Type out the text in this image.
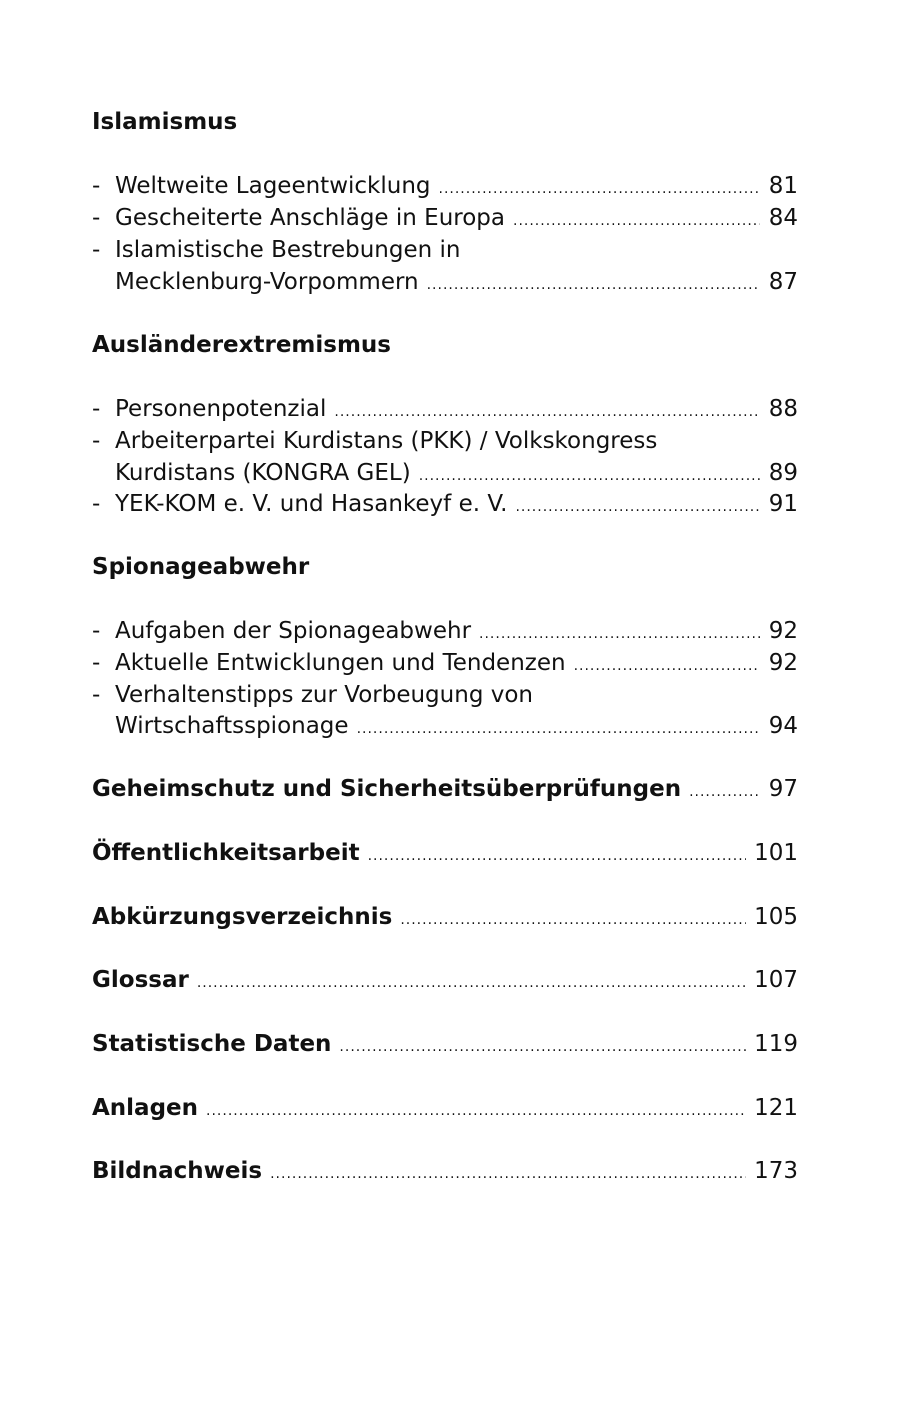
Islamismus
- Weltweite Lageentwicklung .....	81
- Gescheiterte Anschläge in Europa .....	84
- Islamistische Bestrebungen in
Mecklenburg-Vorpommern .....	87
Ausländerextremismus
- Personenpotenzial .....	88
- Arbeiterpartei Kurdistans (PKK) / Volkskongress
Kurdistans (KONGRA GEL) .....	89
- YEK-KOM e. V. und Hasankeyf e. V. .....	91
Spionageabwehr
- Aufgaben der Spionageabwehr .....	92
- Aktuelle Entwicklungen und Tendenzen .....	92
- Verhaltenstipps zur Vorbeugung von
Wirtschaftsspionage .....	94
Geheimschutz und Sicherheitsüberprüfungen .....	97
Öffentlichkeitsarbeit .....	101
Abkürzungsverzeichnis .....	105
Glossar .....	107
Statistische Daten .....	119
Anlagen .....	121
Bildnachweis .....	173
